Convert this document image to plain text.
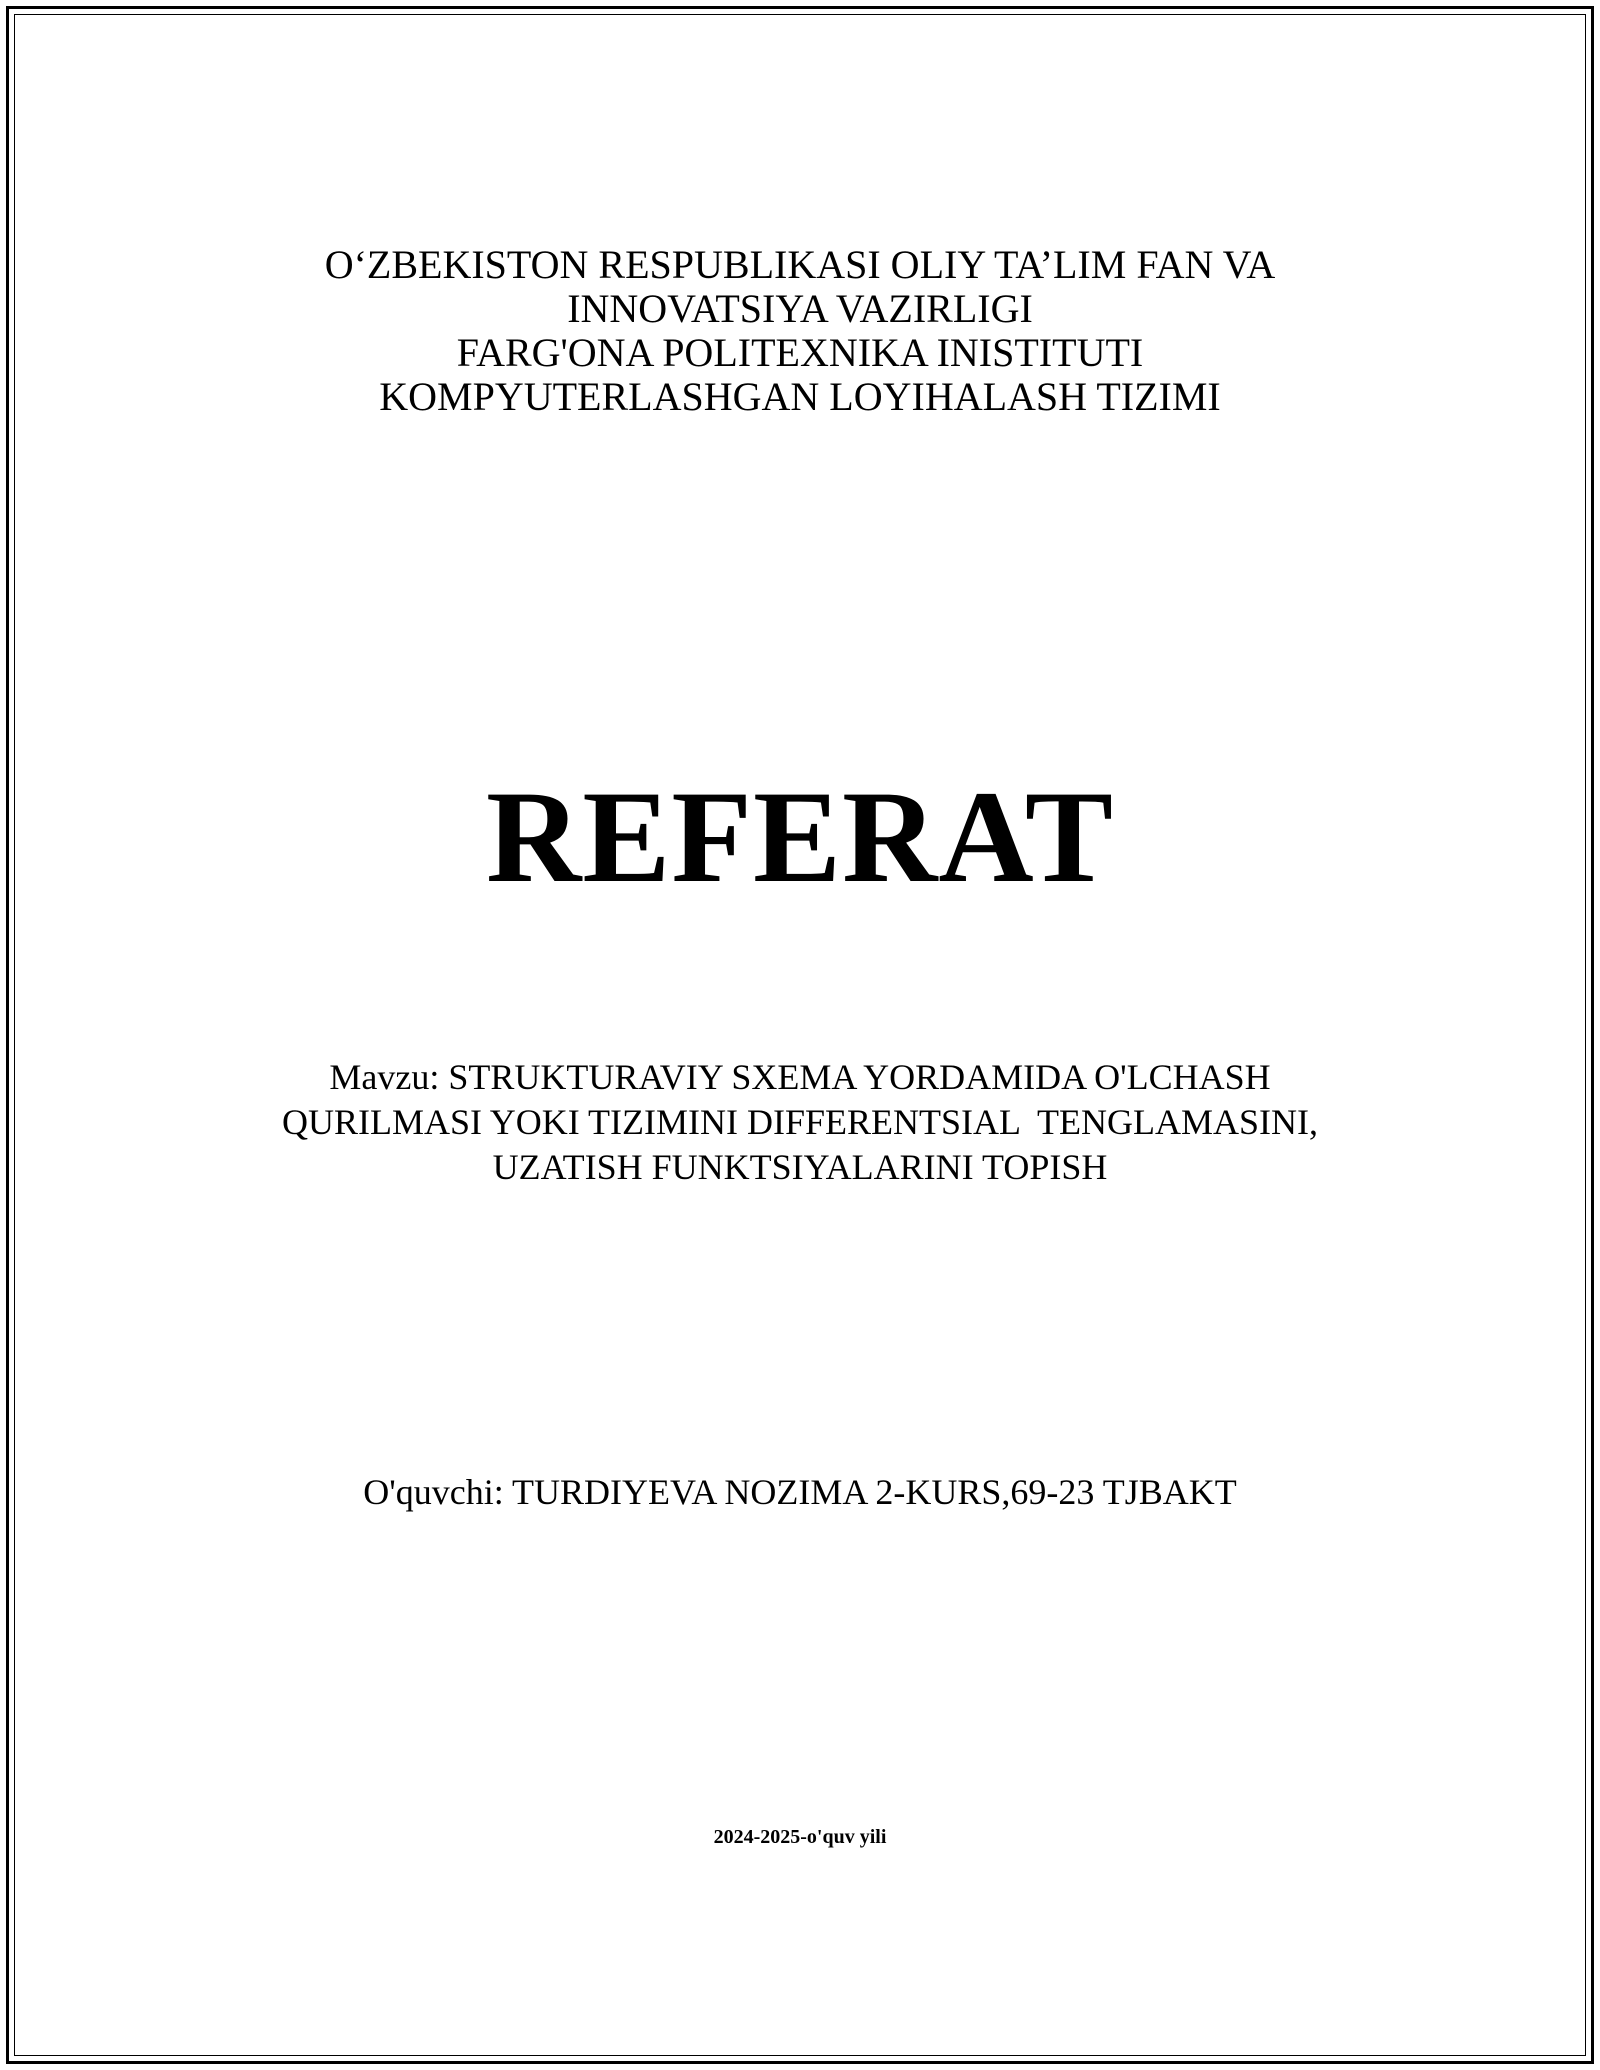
O‘ZBEKISTON RESPUBLIKASI OLIY TA’LIM FAN VA
INNOVATSIYA VAZIRLIGI
FARG'ONA POLITEXNIKA INISTITUTI
KOMPYUTERLASHGAN LOYIHALASH TIZIMI
REFERAT
Mavzu: STRUKTURAVIY SXEMA YORDAMIDA O'LCHASH
QURILMASI YOKI TIZIMINI DIFFERENTSIAL  TENGLAMASINI,
UZATISH FUNKTSIYALARINI TOPISH
O'quvchi: TURDIYEVA NOZIMA 2-KURS,69-23 TJBAKT
2024-2025-o'quv yili
